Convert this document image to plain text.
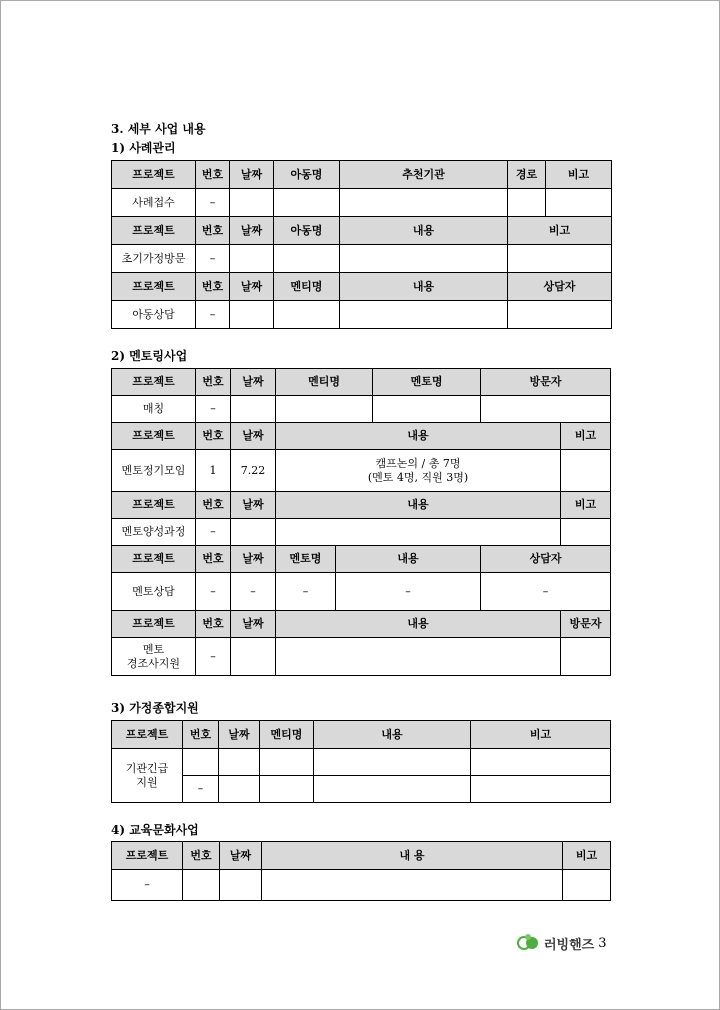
3. 세부 사업 내용
1) 사례관리
프로젝트	번호	날짜	아동명	추천기관	경로	비고
사례접수	–					
프로젝트	번호	날짜	아동명	내용	비고	
초기가정방문	–					
프로젝트	번호	날짜	멘티명	내용	상담자	
아동상담	–					
2) 멘토링사업
프로젝트	번호	날짜	멘티명		멘토명	방문자	
매칭	–						
프로젝트	번호	날짜	내용				비고
멘토정기모임	1	7.22	캠프논의 / 총 7명
(멘토 4명, 직원 3명)				
프로젝트	번호	날짜	내용				비고
멘토양성과정	–						
프로젝트	번호	날짜	멘토명	내용		상담자	
멘토상담	–	–	–	–		–	
프로젝트	번호	날짜	내용				방문자
멘토
경조사지원	–						
3) 가정종합지원
프로젝트	번호	날짜	멘티명	내용	비고
기관긴급
지원					
	–				
4) 교육문화사업
프로젝트	번호	날짜	내 용	비고
–				
러빙핸즈 3
